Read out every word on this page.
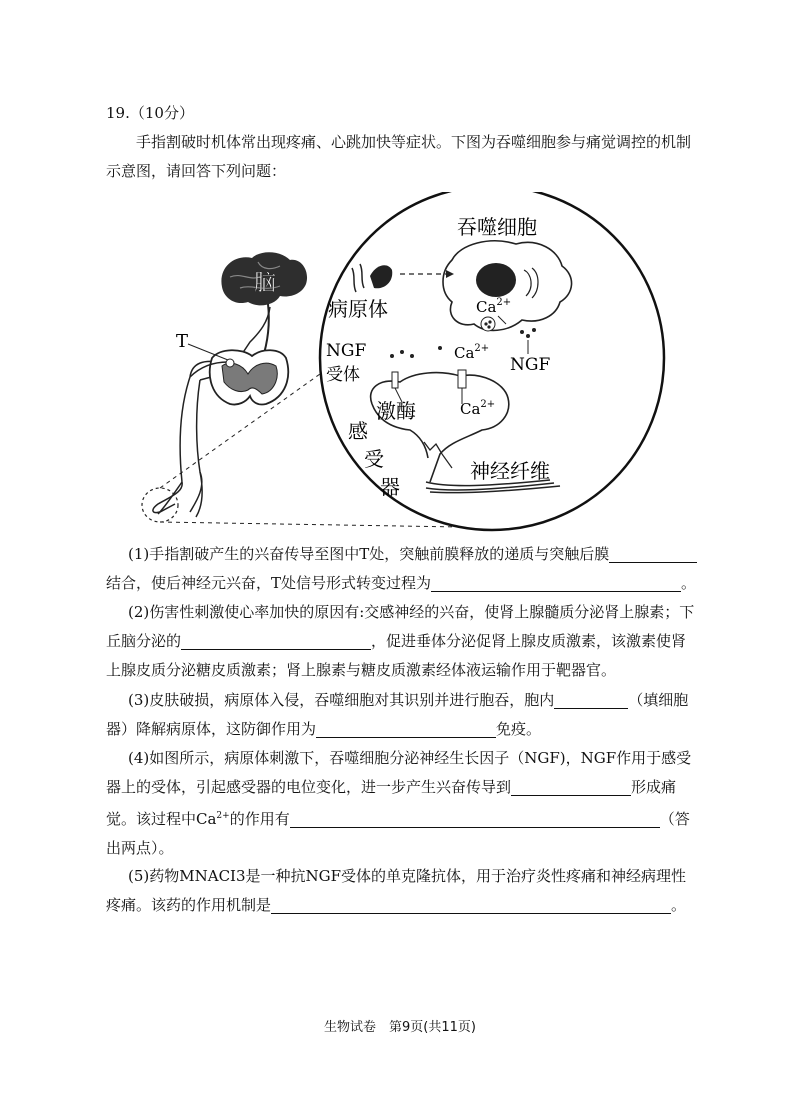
19.（10分）
手指割破时机体常出现疼痛、心跳加快等症状。下图为吞噬细胞参与痛觉调控的机制示意图，请回答下列问题：
脑
T
吞噬细胞
病原体	$Ca^{2+}$
NGF
NGF
受体
$Ca^{2+}$
激酶	$Ca^{2+}$
感
受
器
神经纤维
(1)手指割破产生的兴奋传导至图中T处，突触前膜释放的递质与突触后膜结合，使后神经元兴奋，T处信号形式转变过程为	。
(2)伤害性刺激使心率加快的原因有:交感神经的兴奋，使肾上腺髓质分泌肾上腺素；下丘脑分泌的	，促进垂体分泌促肾上腺皮质激素，该激素使肾上腺皮质分泌糖皮质激素；肾上腺素与糖皮质激素经体液运输作用于靶器官。
(3)皮肤破损，病原体入侵，吞噬细胞对其识别并进行胞吞，胞内	（填细胞器）降解病原体，这防御作用为	免疫。
(4)如图所示，病原体刺激下，吞噬细胞分泌神经生长因子（NGF)，NGF作用于感受器上的受体，引起感受器的电位变化，进一步产生兴奋传导到	形成痛觉。该过程中$Ca^{2+}$的作用有	（答出两点）。
(5)药物MNACI3是一种抗NGF受体的单克隆抗体，用于治疗炎性疼痛和神经病理性疼痛。该药的作用机制是	。
生物试卷　第9页(共11页)
